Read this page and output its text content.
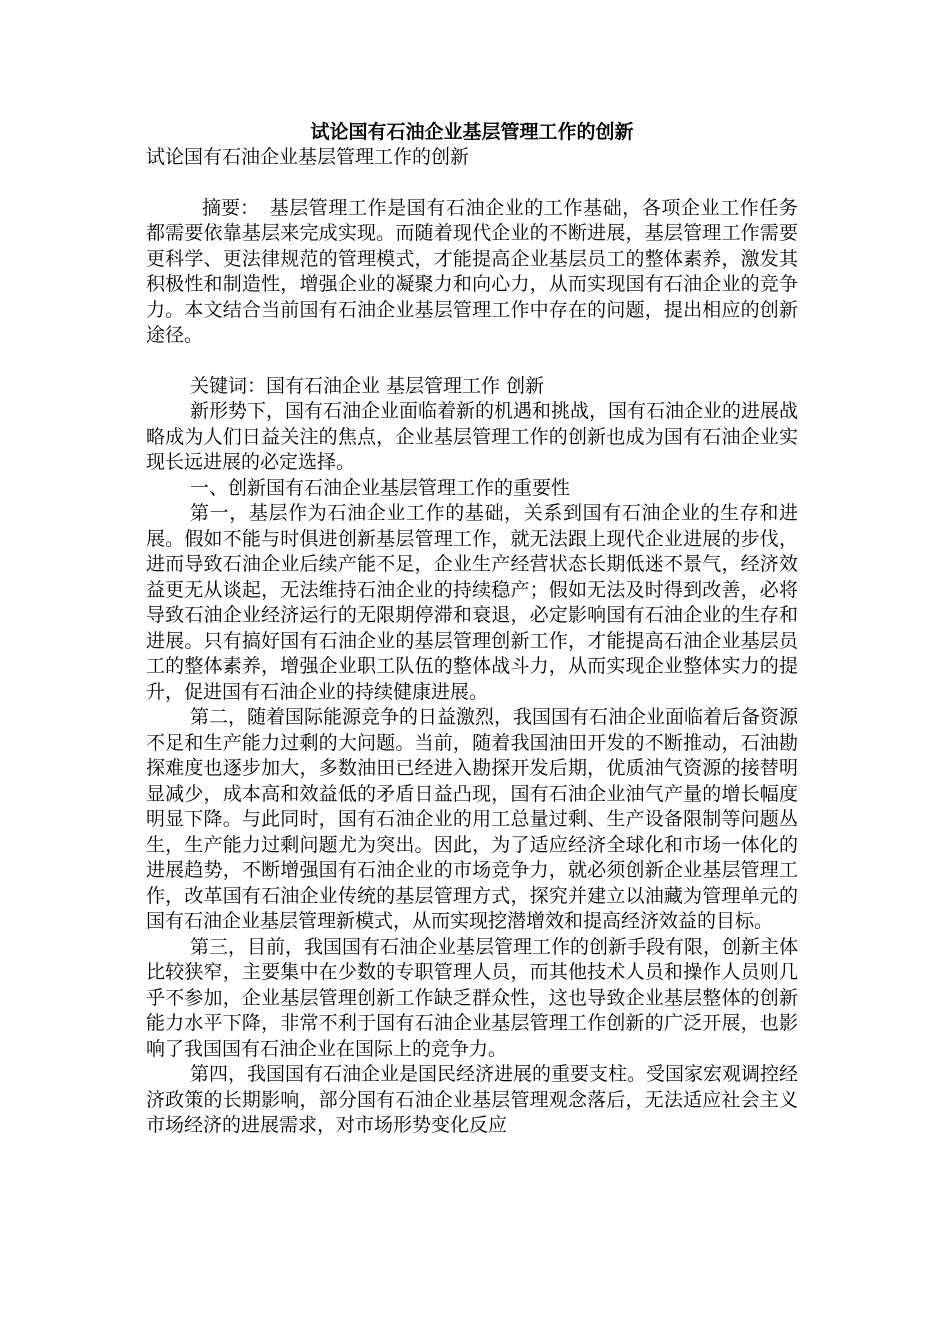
试论国有石油企业基层管理工作的创新

试论国有石油企业基层管理工作的创新

摘要： 基层管理工作是国有石油企业的工作基础，各项企业工作任务都需要依靠基层来完成实现。而随着现代企业的不断进展，基层管理工作需要更科学、更法律规范的管理模式，才能提高企业基层员工的整体素养，激发其积极性和制造性，增强企业的凝聚力和向心力，从而实现国有石油企业的竞争力。本文结合当前国有石油企业基层管理工作中存在的问题，提出相应的创新途径。

关键词：国有石油企业 基层管理工作 创新

新形势下，国有石油企业面临着新的机遇和挑战，国有石油企业的进展战略成为人们日益关注的焦点，企业基层管理工作的创新也成为国有石油企业实现长远进展的必定选择。

一、创新国有石油企业基层管理工作的重要性

第一，基层作为石油企业工作的基础，关系到国有石油企业的生存和进展。假如不能与时俱进创新基层管理工作，就无法跟上现代企业进展的步伐，进而导致石油企业后续产能不足，企业生产经营状态长期低迷不景气，经济效益更无从谈起，无法维持石油企业的持续稳产；假如无法及时得到改善，必将导致石油企业经济运行的无限期停滞和衰退，必定影响国有石油企业的生存和进展。只有搞好国有石油企业的基层管理创新工作，才能提高石油企业基层员工的整体素养，增强企业职工队伍的整体战斗力，从而实现企业整体实力的提升，促进国有石油企业的持续健康进展。

第二，随着国际能源竞争的日益激烈，我国国有石油企业面临着后备资源不足和生产能力过剩的大问题。当前，随着我国油田开发的不断推动，石油勘探难度也逐步加大，多数油田已经进入勘探开发后期，优质油气资源的接替明显减少，成本高和效益低的矛盾日益凸现，国有石油企业油气产量的增长幅度明显下降。与此同时，国有石油企业的用工总量过剩、生产设备限制等问题丛生，生产能力过剩问题尤为突出。因此，为了适应经济全球化和市场一体化的进展趋势，不断增强国有石油企业的市场竞争力，就必须创新企业基层管理工作，改革国有石油企业传统的基层管理方式，探究并建立以油藏为管理单元的国有石油企业基层管理新模式，从而实现挖潜增效和提高经济效益的目标。

第三，目前，我国国有石油企业基层管理工作的创新手段有限，创新主体比较狭窄，主要集中在少数的专职管理人员，而其他技术人员和操作人员则几乎不参加，企业基层管理创新工作缺乏群众性，这也导致企业基层整体的创新能力水平下降，非常不利于国有石油企业基层管理工作创新的广泛开展，也影响了我国国有石油企业在国际上的竞争力。

第四，我国国有石油企业是国民经济进展的重要支柱。受国家宏观调控经济政策的长期影响，部分国有石油企业基层管理观念落后，无法适应社会主义市场经济的进展需求，对市场形势变化反应
